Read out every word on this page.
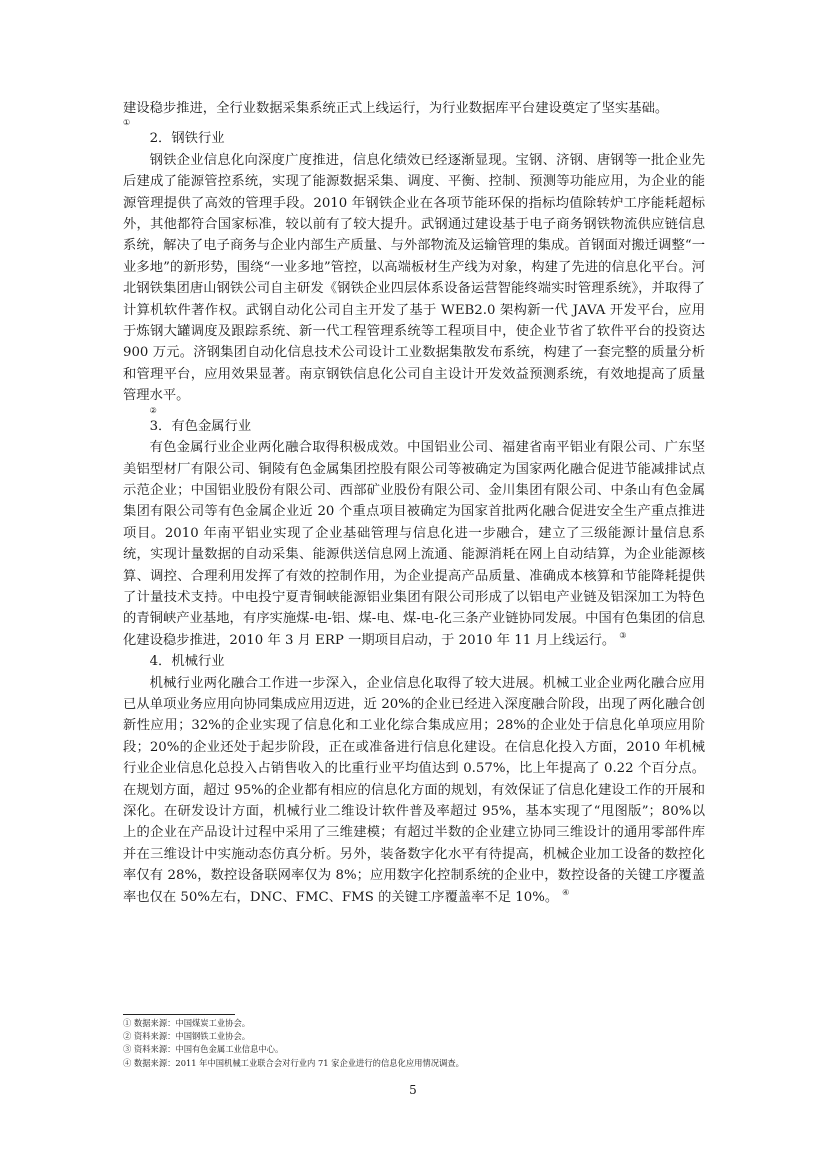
建设稳步推进，全行业数据采集系统正式上线运行，为行业数据库平台建设奠定了坚实基础。
①

2．钢铁行业

钢铁企业信息化向深度广度推进，信息化绩效已经逐渐显现。宝钢、济钢、唐钢等一批企业先后建成了能源管控系统，实现了能源数据采集、调度、平衡、控制、预测等功能应用，为企业的能源管理提供了高效的管理手段。2010 年钢铁企业在各项节能环保的指标均值除转炉工序能耗超标外，其他都符合国家标准，较以前有了较大提升。武钢通过建设基于电子商务钢铁物流供应链信息系统，解决了电子商务与企业内部生产质量、与外部物流及运输管理的集成。首钢面对搬迁调整“一业多地”的新形势，围绕“一业多地”管控，以高端板材生产线为对象，构建了先进的信息化平台。河北钢铁集团唐山钢铁公司自主研发《钢铁企业四层体系设备运营智能终端实时管理系统》，并取得了计算机软件著作权。武钢自动化公司自主开发了基于 WEB2.0 架构新一代 JAVA 开发平台，应用于炼钢大罐调度及跟踪系统、新一代工程管理系统等工程项目中，使企业节省了软件平台的投资达 900 万元。济钢集团自动化信息技术公司设计工业数据集散发布系统，构建了一套完整的质量分析和管理平台，应用效果显著。南京钢铁信息化公司自主设计开发效益预测系统，有效地提高了质量管理水平。
②

3．有色金属行业

有色金属行业企业两化融合取得积极成效。中国铝业公司、福建省南平铝业有限公司、广东坚美铝型材厂有限公司、铜陵有色金属集团控股有限公司等被确定为国家两化融合促进节能减排试点示范企业；中国铝业股份有限公司、西部矿业股份有限公司、金川集团有限公司、中条山有色金属集团有限公司等有色金属企业近 20 个重点项目被确定为国家首批两化融合促进安全生产重点推进项目。2010 年南平铝业实现了企业基础管理与信息化进一步融合，建立了三级能源计量信息系统，实现计量数据的自动采集、能源供送信息网上流通、能源消耗在网上自动结算，为企业能源核算、调控、合理利用发挥了有效的控制作用，为企业提高产品质量、准确成本核算和节能降耗提供了计量技术支持。中电投宁夏青铜峡能源铝业集团有限公司形成了以铝电产业链及铝深加工为特色的青铜峡产业基地，有序实施煤-电-铝、煤-电、煤-电-化三条产业链协同发展。中国有色集团的信息化建设稳步推进，2010 年 3 月 ERP 一期项目启动，于 2010 年 11 月上线运行。 ③

4．机械行业

机械行业两化融合工作进一步深入，企业信息化取得了较大进展。机械工业企业两化融合应用已从单项业务应用向协同集成应用迈进，近 20%的企业已经进入深度融合阶段，出现了两化融合创新性应用；32%的企业实现了信息化和工业化综合集成应用；28%的企业处于信息化单项应用阶段；20%的企业还处于起步阶段，正在或准备进行信息化建设。在信息化投入方面，2010 年机械行业企业信息化总投入占销售收入的比重行业平均值达到 0.57%，比上年提高了 0.22 个百分点。在规划方面，超过 95%的企业都有相应的信息化方面的规划，有效保证了信息化建设工作的开展和深化。在研发设计方面，机械行业二维设计软件普及率超过 95%，基本实现了“甩图版”；80%以上的企业在产品设计过程中采用了三维建模；有超过半数的企业建立协同三维设计的通用零部件库并在三维设计中实施动态仿真分析。另外，装备数字化水平有待提高，机械企业加工设备的数控化率仅有 28%，数控设备联网率仅为 8%；应用数字化控制系统的企业中，数控设备的关键工序覆盖率也仅在 50%左右，DNC、FMC、FMS 的关键工序覆盖率不足 10%。 ④

① 数据来源：中国煤炭工业协会。

② 资料来源：中国钢铁工业协会。

③ 资料来源：中国有色金属工业信息中心。

④ 数据来源：2011 年中国机械工业联合会对行业内 71 家企业进行的信息化应用情况调查。

5
